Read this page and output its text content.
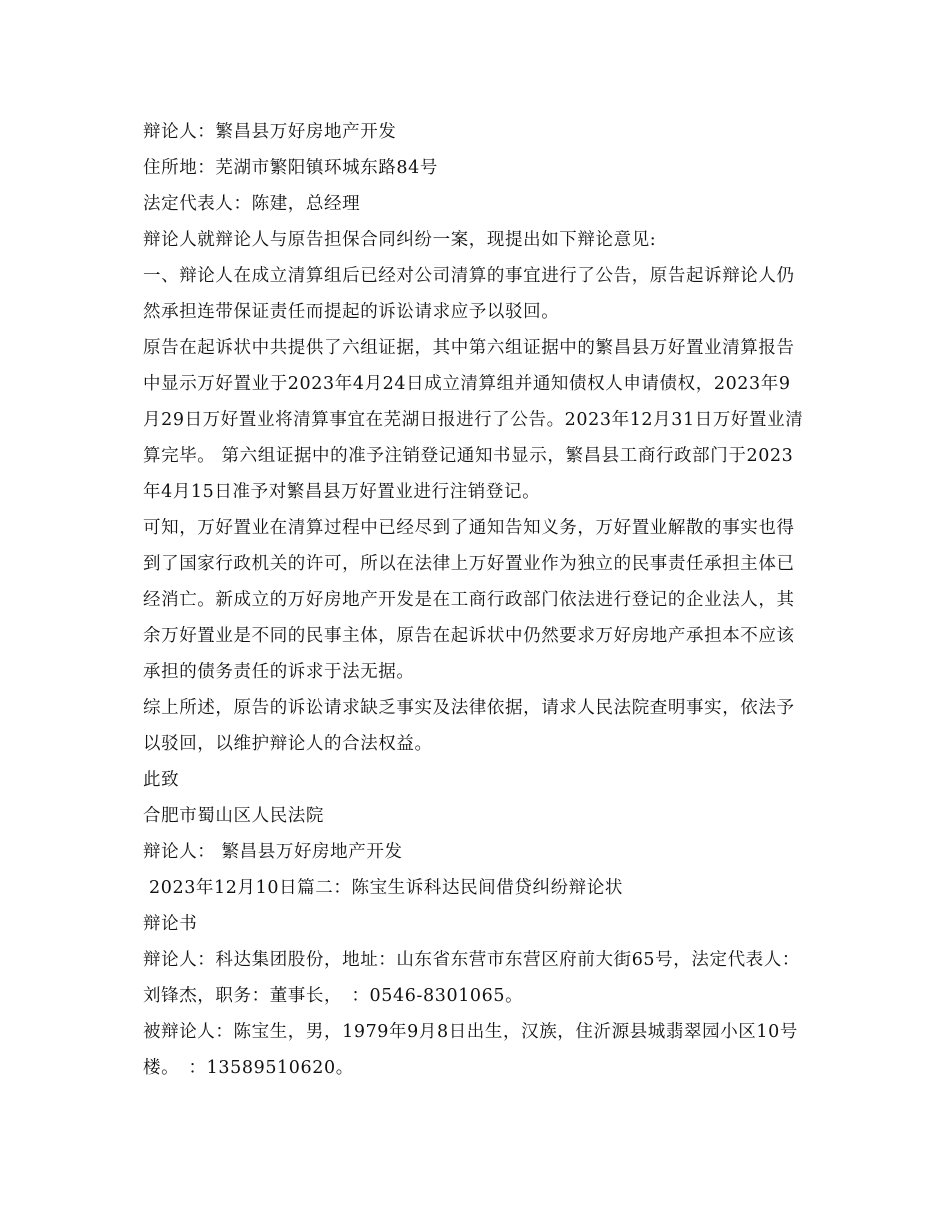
辩论人：繁昌县万好房地产开发

住所地：芜湖市繁阳镇环城东路84号

法定代表人：陈建，总经理

辩论人就辩论人与原告担保合同纠纷一案，现提出如下辩论意见:

一、辩论人在成立清算组后已经对公司清算的事宜进行了公告，原告起诉辩论人仍然承担连带保证责任而提起的诉讼请求应予以驳回。

原告在起诉状中共提供了六组证据，其中第六组证据中的繁昌县万好置业清算报告中显示万好置业于2023年4月24日成立清算组并通知债权人申请债权，2023年9月29日万好置业将清算事宜在芜湖日报进行了公告。2023年12月31日万好置业清算完毕。 第六组证据中的准予注销登记通知书显示，繁昌县工商行政部门于2023年4月15日准予对繁昌县万好置业进行注销登记。

可知，万好置业在清算过程中已经尽到了通知告知义务，万好置业解散的事实也得到了国家行政机关的许可，所以在法律上万好置业作为独立的民事责任承担主体已经消亡。新成立的万好房地产开发是在工商行政部门依法进行登记的企业法人，其余万好置业是不同的民事主体，原告在起诉状中仍然要求万好房地产承担本不应该承担的债务责任的诉求于法无据。

综上所述，原告的诉讼请求缺乏事实及法律依据，请求人民法院查明事实，依法予以驳回，以维护辩论人的合法权益。

此致

合肥市蜀山区人民法院

辩论人： 繁昌县万好房地产开发

2023年12月10日篇二：陈宝生诉科达民间借贷纠纷辩论状

辩论书

辩论人：科达集团股份，地址：山东省东营市东营区府前大街65号，法定代表人：刘锋杰，职务：董事长，　：0546-8301065。

被辩论人：陈宝生，男，1979年9月8日出生，汉族，住沂源县城翡翠园小区10号楼。　：13589510620。
